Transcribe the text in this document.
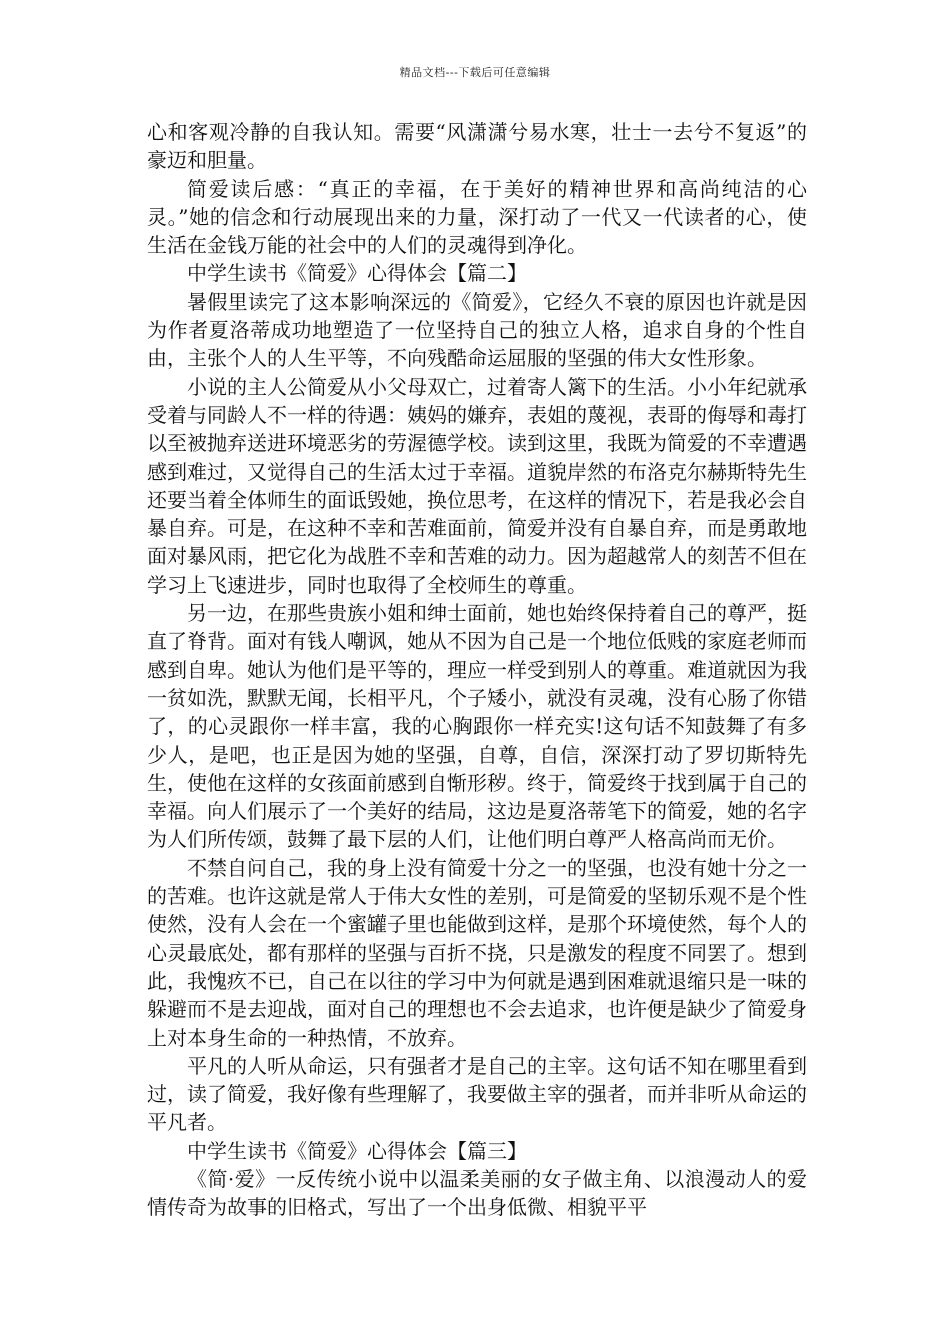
精品文档---下载后可任意编辑

心和客观冷静的自我认知。需要“风潇潇兮易水寒，壮士一去兮不复返”的豪迈和胆量。

简爱读后感：“真正的幸福，在于美好的精神世界和高尚纯洁的心灵。”她的信念和行动展现出来的力量，深打动了一代又一代读者的心，使生活在金钱万能的社会中的人们的灵魂得到净化。

中学生读书《简爱》心得体会【篇二】

暑假里读完了这本影响深远的《简爱》，它经久不衰的原因也许就是因为作者夏洛蒂成功地塑造了一位坚持自己的独立人格，追求自身的个性自由，主张个人的人生平等，不向残酷命运屈服的坚强的伟大女性形象。

小说的主人公简爱从小父母双亡，过着寄人篱下的生活。小小年纪就承受着与同龄人不一样的待遇：姨妈的嫌弃，表姐的蔑视，表哥的侮辱和毒打以至被抛弃送进环境恶劣的劳渥德学校。读到这里，我既为简爱的不幸遭遇感到难过，又觉得自己的生活太过于幸福。道貌岸然的布洛克尔赫斯特先生还要当着全体师生的面诋毁她，换位思考，在这样的情况下，若是我必会自暴自弃。可是，在这种不幸和苦难面前，简爱并没有自暴自弃，而是勇敢地面对暴风雨，把它化为战胜不幸和苦难的动力。因为超越常人的刻苦不但在学习上飞速进步，同时也取得了全校师生的尊重。

另一边，在那些贵族小姐和绅士面前，她也始终保持着自己的尊严，挺直了脊背。面对有钱人嘲讽，她从不因为自己是一个地位低贱的家庭老师而感到自卑。她认为他们是平等的，理应一样受到别人的尊重。难道就因为我一贫如洗，默默无闻，长相平凡，个子矮小，就没有灵魂，没有心肠了你错了，的心灵跟你一样丰富，我的心胸跟你一样充实!这句话不知鼓舞了有多少人，是吧，也正是因为她的坚强，自尊，自信，深深打动了罗切斯特先生，使他在这样的女孩面前感到自惭形秽。终于，简爱终于找到属于自己的幸福。向人们展示了一个美好的结局，这边是夏洛蒂笔下的简爱，她的名字为人们所传颂，鼓舞了最下层的人们，让他们明白尊严人格高尚而无价。

不禁自问自己，我的身上没有简爱十分之一的坚强，也没有她十分之一的苦难。也许这就是常人于伟大女性的差别，可是简爱的坚韧乐观不是个性使然，没有人会在一个蜜罐子里也能做到这样，是那个环境使然，每个人的心灵最底处，都有那样的坚强与百折不挠，只是激发的程度不同罢了。想到此，我愧疚不已，自己在以往的学习中为何就是遇到困难就退缩只是一味的躲避而不是去迎战，面对自己的理想也不会去追求，也许便是缺少了简爱身上对本身生命的一种热情，不放弃。

平凡的人听从命运，只有强者才是自己的主宰。这句话不知在哪里看到过，读了简爱，我好像有些理解了，我要做主宰的强者，而并非听从命运的平凡者。

中学生读书《简爱》心得体会【篇三】

《简·爱》一反传统小说中以温柔美丽的女子做主角、以浪漫动人的爱情传奇为故事的旧格式，写出了一个出身低微、相貌平平
